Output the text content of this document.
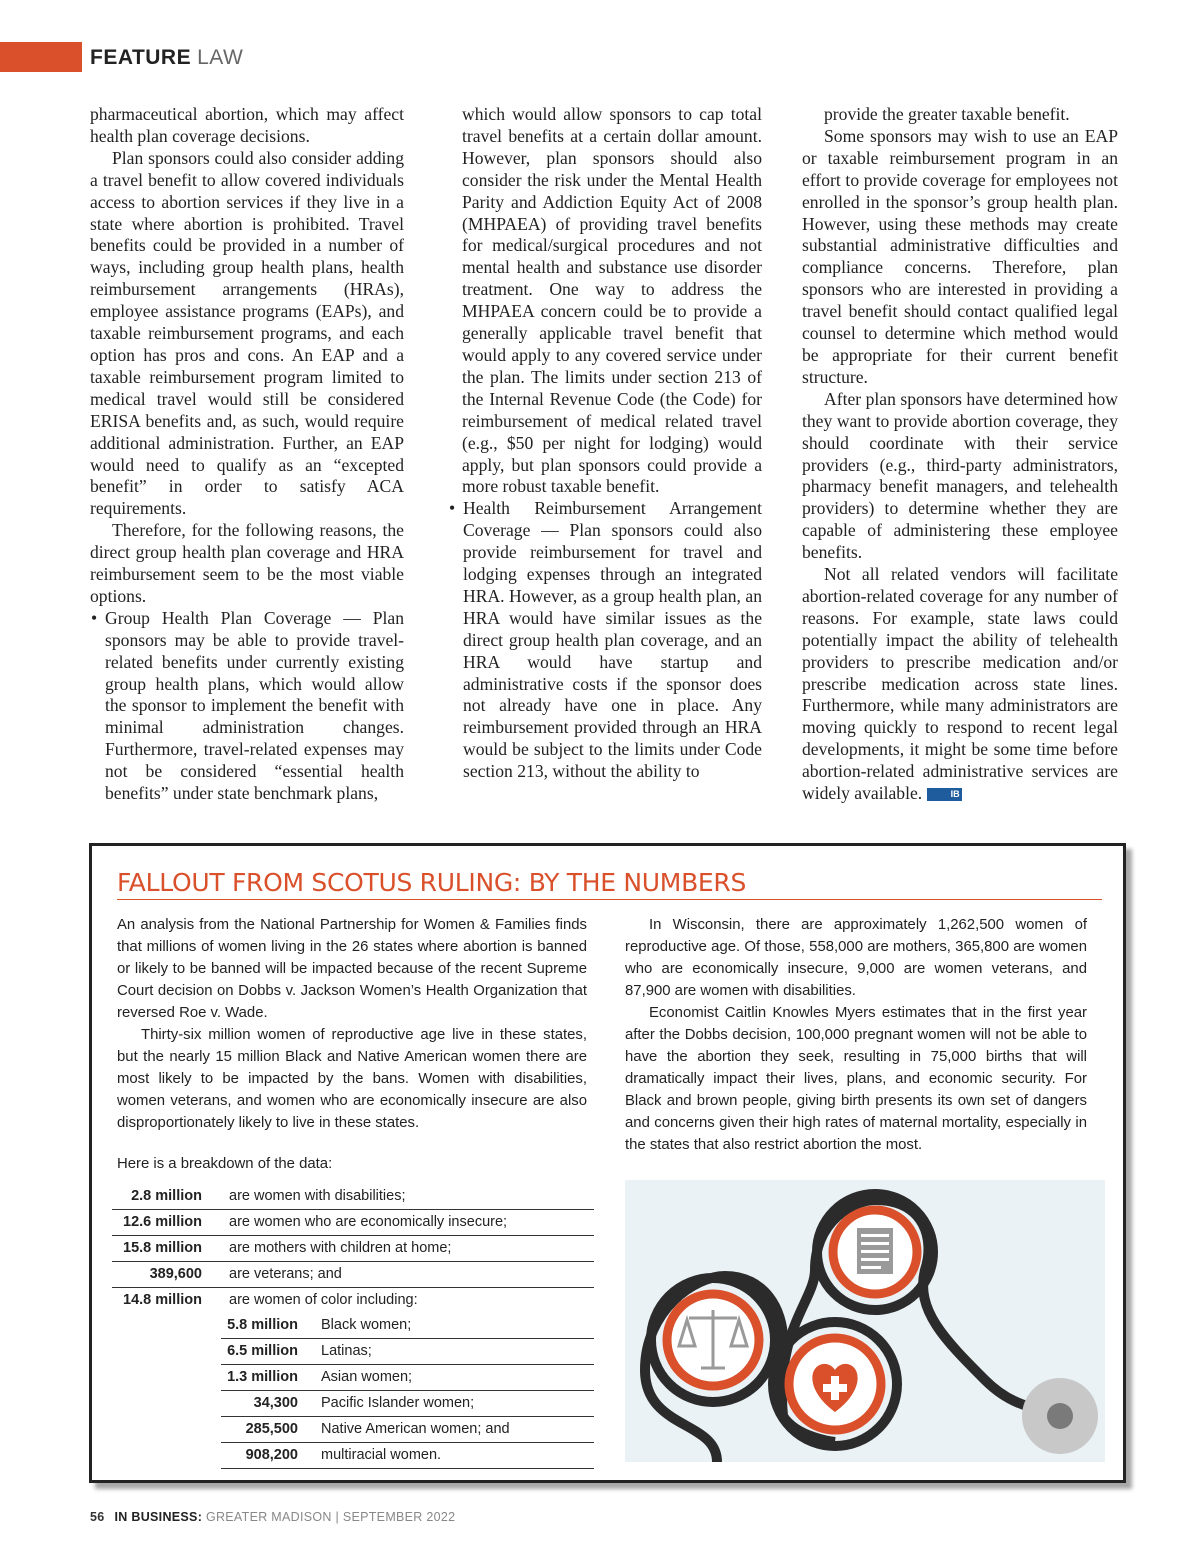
FEATURE LAW

pharmaceutical abortion, which may affect health plan coverage decisions.

Plan sponsors could also consider adding a travel benefit to allow covered individuals access to abortion services if they live in a state where abortion is prohibited. Travel benefits could be provided in a number of ways, including group health plans, health reimbursement arrangements (HRAs), employee assistance programs (EAPs), and taxable reimbursement programs, and each option has pros and cons. An EAP and a taxable reimbursement program limited to medical travel would still be considered ERISA benefits and, as such, would require additional administration. Further, an EAP would need to qualify as an “excepted benefit” in order to satisfy ACA requirements.

Therefore, for the following reasons, the direct group health plan coverage and HRA reimbursement seem to be the most viable options.

• Group Health Plan Coverage — Plan sponsors may be able to provide travel-related benefits under currently existing group health plans, which would allow the sponsor to implement the benefit with minimal administration changes. Furthermore, travel-related expenses may not be considered “essential health benefits” under state benchmark plans,

which would allow sponsors to cap total travel benefits at a certain dollar amount. However, plan sponsors should also consider the risk under the Mental Health Parity and Addiction Equity Act of 2008 (MHPAEA) of providing travel benefits for medical/surgical procedures and not mental health and substance use disorder treatment. One way to address the MHPAEA concern could be to provide a generally applicable travel benefit that would apply to any covered service under the plan. The limits under section 213 of the Internal Revenue Code (the Code) for reimbursement of medical related travel (e.g., $50 per night for lodging) would apply, but plan sponsors could provide a more robust taxable benefit.

• Health Reimbursement Arrangement Coverage — Plan sponsors could also provide reimbursement for travel and lodging expenses through an integrated HRA. However, as a group health plan, an HRA would have similar issues as the direct group health plan coverage, and an HRA would have startup and administrative costs if the sponsor does not already have one in place. Any reimbursement provided through an HRA would be subject to the limits under Code section 213, without the ability to

provide the greater taxable benefit.

Some sponsors may wish to use an EAP or taxable reimbursement program in an effort to provide coverage for employees not enrolled in the sponsor’s group health plan. However, using these methods may create substantial administrative difficulties and compliance concerns. Therefore, plan sponsors who are interested in providing a travel benefit should contact qualified legal counsel to determine which method would be appropriate for their current benefit structure.

After plan sponsors have determined how they want to provide abortion coverage, they should coordinate with their service providers (e.g., third-party administrators, pharmacy benefit managers, and telehealth providers) to determine whether they are capable of administering these employee benefits.

Not all related vendors will facilitate abortion-related coverage for any number of reasons. For example, state laws could potentially impact the ability of telehealth providers to prescribe medication and/or prescribe medication across state lines. Furthermore, while many administrators are moving quickly to respond to recent legal developments, it might be some time before abortion-related administrative services are widely available.	IB

FALLOUT FROM SCOTUS RULING: BY THE NUMBERS

An analysis from the National Partnership for Women & Families finds that millions of women living in the 26 states where abortion is banned or likely to be banned will be impacted because of the recent Supreme Court decision on Dobbs v. Jackson Women’s Health Organization that reversed Roe v. Wade.

Thirty-six million women of reproductive age live in these states, but the nearly 15 million Black and Native American women there are most likely to be impacted by the bans. Women with disabilities, women veterans, and women who are economically insecure are also disproportionately likely to live in these states.

Here is a breakdown of the data:
2.8 million are women with disabilities;
12.6 million are women who are economically insecure;
15.8 million are mothers with children at home;
389,600 are veterans; and
14.8 million are women of color including:
5.8 million Black women;
6.5 million Latinas;
1.3 million Asian women;
34,300 Pacific Islander women;
285,500 Native American women; and
908,200 multiracial women.

In Wisconsin, there are approximately 1,262,500 women of reproductive age. Of those, 558,000 are mothers, 365,800 are women who are economically insecure, 9,000 are women veterans, and 87,900 are women with disabilities.

Economist Caitlin Knowles Myers estimates that in the first year after the Dobbs decision, 100,000 pregnant women will not be able to have the abortion they seek, resulting in 75,000 births that will dramatically impact their lives, plans, and economic security. For Black and brown people, giving birth presents its own set of dangers and concerns given their high rates of maternal mortality, especially in the states that also restrict abortion the most.

56 IN BUSINESS: GREATER MADISON | SEPTEMBER 2022
